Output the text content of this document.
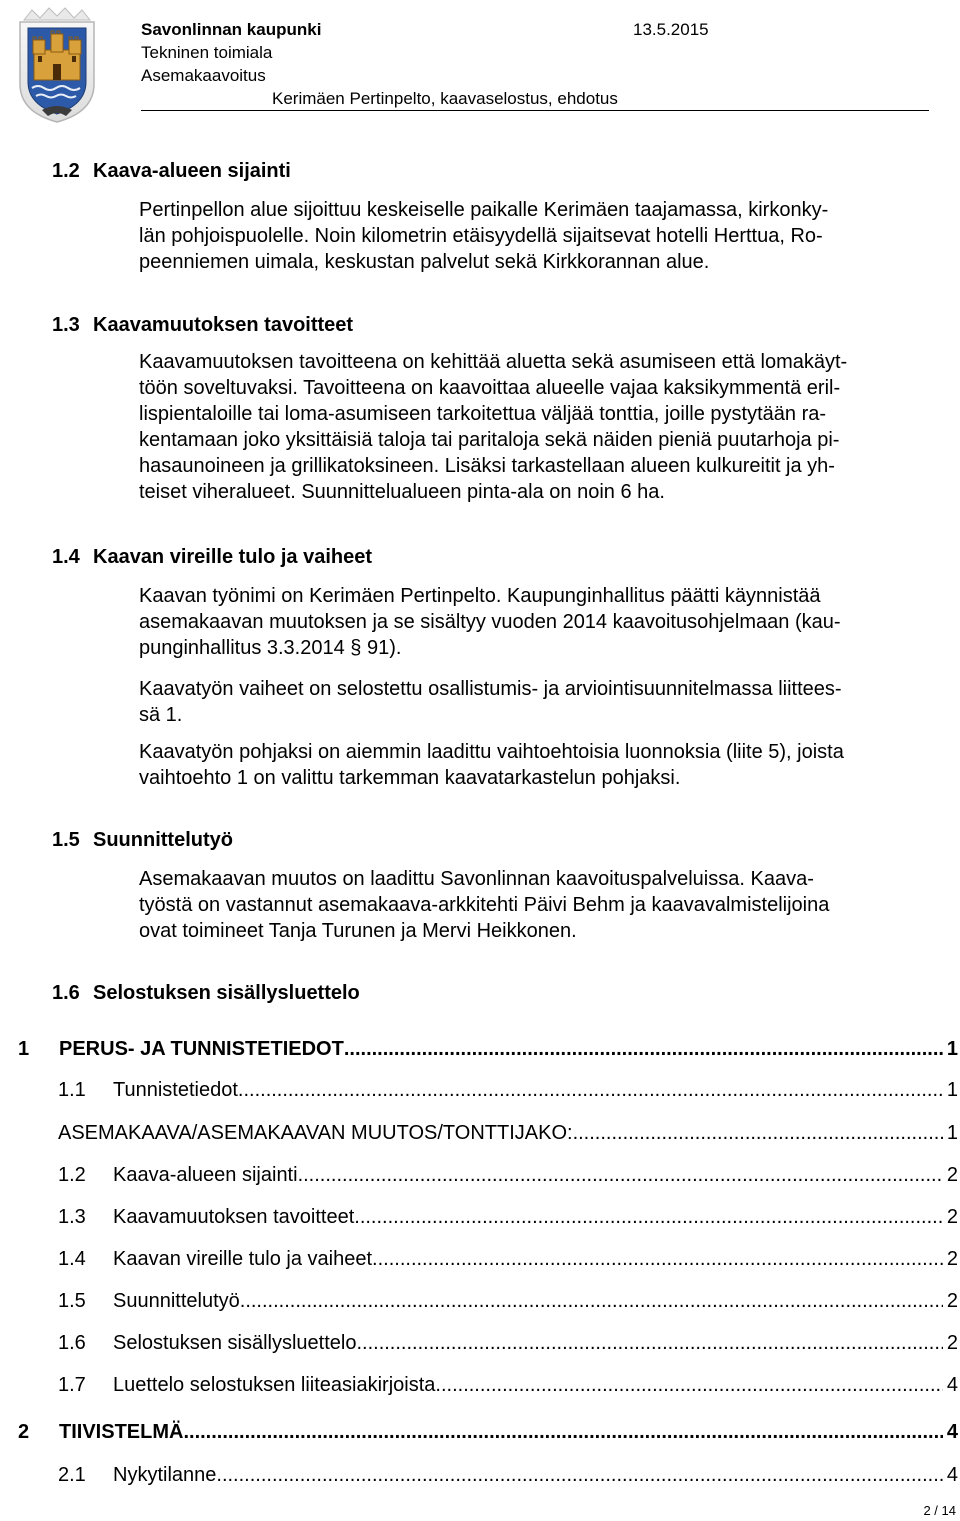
Savonlinnan kaupunki	13.5.2015
Tekninen toimiala
Asemakaavoitus
Kerimäen Pertinpelto, kaavaselostus, ehdotus
1.2 Kaava-alueen sijainti

Pertinpellon alue sijoittuu keskeiselle paikalle Kerimäen taajamassa, kirkonky-
län pohjoispuolelle. Noin kilometrin etäisyydellä sijaitsevat hotelli Herttua, Ro-
peenniemen uimala, keskustan palvelut sekä Kirkkorannan alue.

1.3 Kaavamuutoksen tavoitteet

Kaavamuutoksen tavoitteena on kehittää aluetta sekä asumiseen että lomakäyt-
töön soveltuvaksi. Tavoitteena on kaavoittaa alueelle vajaa kaksikymmentä eril-
lispientaloille tai loma-asumiseen tarkoitettua väljää tonttia, joille pystytään ra-
kentamaan joko yksittäisiä taloja tai paritaloja sekä näiden pieniä puutarhoja pi-
hasaunoineen ja grillikatoksineen. Lisäksi tarkastellaan alueen kulkureitit ja yh-
teiset viheralueet. Suunnittelualueen pinta-ala on noin 6 ha.

1.4 Kaavan vireille tulo ja vaiheet

Kaavan työnimi on Kerimäen Pertinpelto. Kaupunginhallitus päätti käynnistää
asemakaavan muutoksen ja se sisältyy vuoden 2014 kaavoitusohjelmaan (kau-
punginhallitus 3.3.2014 § 91).

Kaavatyön vaiheet on selostettu osallistumis- ja arviointisuunnitelmassa liittees-
sä 1.

Kaavatyön pohjaksi on aiemmin laadittu vaihtoehtoisia luonnoksia (liite 5), joista
vaihtoehto 1 on valittu tarkemman kaavatarkastelun pohjaksi.

1.5 Suunnittelutyö

Asemakaavan muutos on laadittu Savonlinnan kaavoituspalveluissa. Kaava-
työstä on vastannut asemakaava-arkkitehti Päivi Behm ja kaavavalmistelijoina
ovat toimineet Tanja Turunen ja Mervi Heikkonen.

1.6 Selostuksen sisällysluettelo
1	PERUS- JA TUNNISTETIEDOT .....	1
1.1	Tunnistetiedot .....	1
ASEMAKAAVA/ASEMAKAAVAN MUUTOS/TONTTIJAKO: .....	1
1.2	Kaava-alueen sijainti .....	2
1.3	Kaavamuutoksen tavoitteet .....	2
1.4	Kaavan vireille tulo ja vaiheet .....	2
1.5	Suunnittelutyö .....	2
1.6	Selostuksen sisällysluettelo .....	2
1.7	Luettelo selostuksen liiteasiakirjoista .....	4
2	TIIVISTELMÄ .....	4
2.1	Nykytilanne .....	4
2 / 14
